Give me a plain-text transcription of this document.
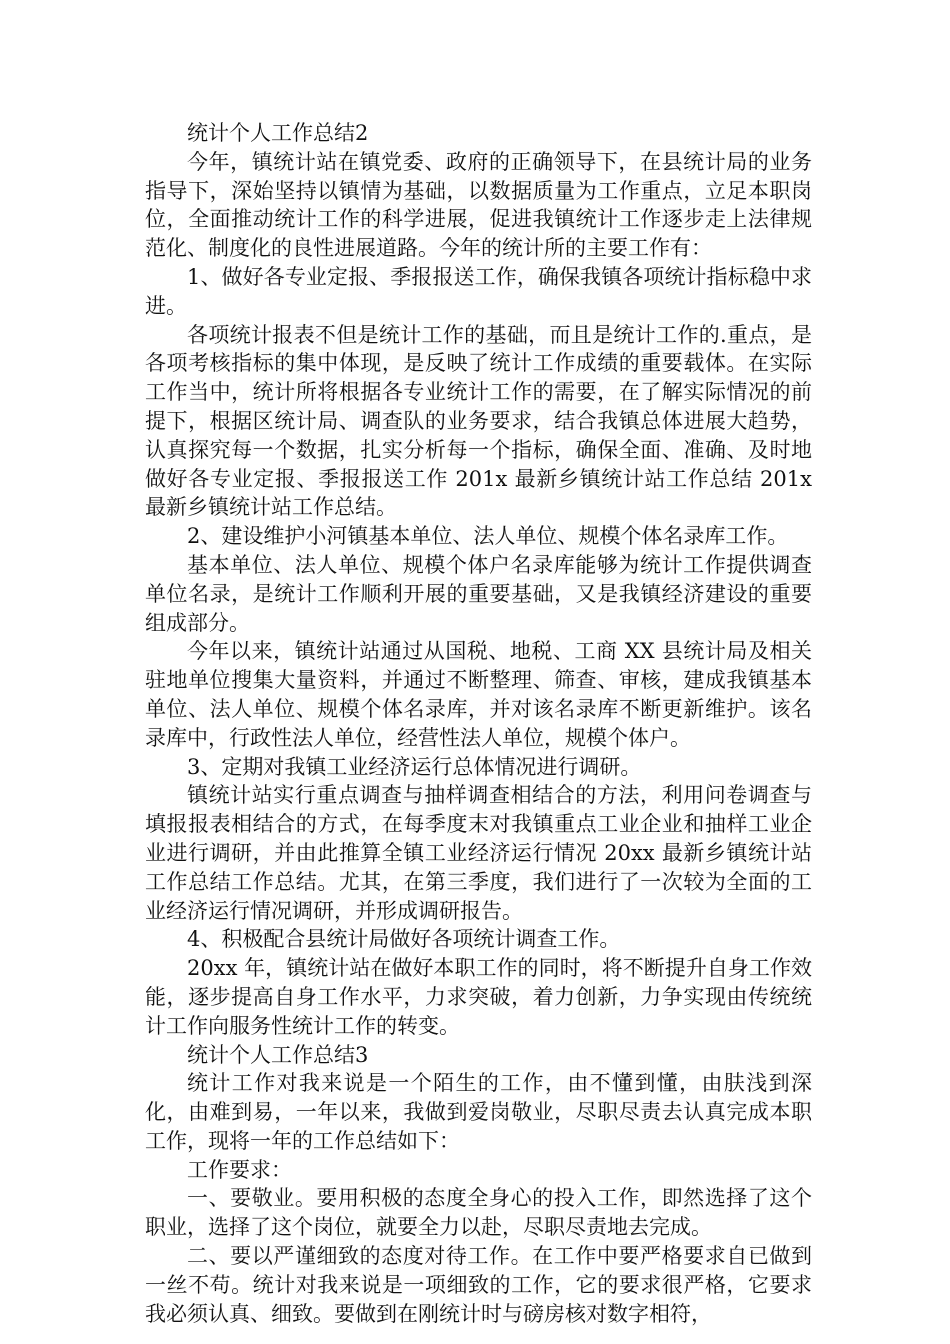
统计个人工作总结2

今年，镇统计站在镇党委、政府的正确领导下，在县统计局的业务指导下，深始坚持以镇情为基础，以数据质量为工作重点，立足本职岗位，全面推动统计工作的科学进展，促进我镇统计工作逐步走上法律规范化、制度化的良性进展道路。今年的统计所的主要工作有：

1、做好各专业定报、季报报送工作，确保我镇各项统计指标稳中求进。

各项统计报表不但是统计工作的基础，而且是统计工作的.重点，是各项考核指标的集中体现，是反映了统计工作成绩的重要载体。在实际工作当中，统计所将根据各专业统计工作的需要，在了解实际情况的前提下，根据区统计局、调查队的业务要求，结合我镇总体进展大趋势，认真探究每一个数据，扎实分析每一个指标，确保全面、准确、及时地做好各专业定报、季报报送工作 201x 最新乡镇统计站工作总结 201x 最新乡镇统计站工作总结。

2、建设维护小河镇基本单位、法人单位、规模个体名录库工作。

基本单位、法人单位、规模个体户名录库能够为统计工作提供调查单位名录，是统计工作顺利开展的重要基础，又是我镇经济建设的重要组成部分。

今年以来，镇统计站通过从国税、地税、工商 XX 县统计局及相关驻地单位搜集大量资料，并通过不断整理、筛查、审核，建成我镇基本单位、法人单位、规模个体名录库，并对该名录库不断更新维护。该名录库中，行政性法人单位，经营性法人单位，规模个体户。

3、定期对我镇工业经济运行总体情况进行调研。

镇统计站实行重点调查与抽样调查相结合的方法，利用问卷调查与填报报表相结合的方式，在每季度末对我镇重点工业企业和抽样工业企业进行调研，并由此推算全镇工业经济运行情况 20xx 最新乡镇统计站工作总结工作总结。尤其，在第三季度，我们进行了一次较为全面的工业经济运行情况调研，并形成调研报告。

4、积极配合县统计局做好各项统计调查工作。

20xx 年，镇统计站在做好本职工作的同时，将不断提升自身工作效能，逐步提高自身工作水平，力求突破，着力创新，力争实现由传统统计工作向服务性统计工作的转变。

统计个人工作总结3

统计工作对我来说是一个陌生的工作，由不懂到懂，由肤浅到深化，由难到易，一年以来，我做到爱岗敬业，尽职尽责去认真完成本职工作，现将一年的工作总结如下：

工作要求：

一、要敬业。要用积极的态度全身心的投入工作，即然选择了这个职业，选择了这个岗位，就要全力以赴，尽职尽责地去完成。

二、要以严谨细致的态度对待工作。在工作中要严格要求自已做到一丝不苟。统计对我来说是一项细致的工作，它的要求很严格，它要求我必须认真、细致。要做到在刚统计时与磅房核对数字相符，
